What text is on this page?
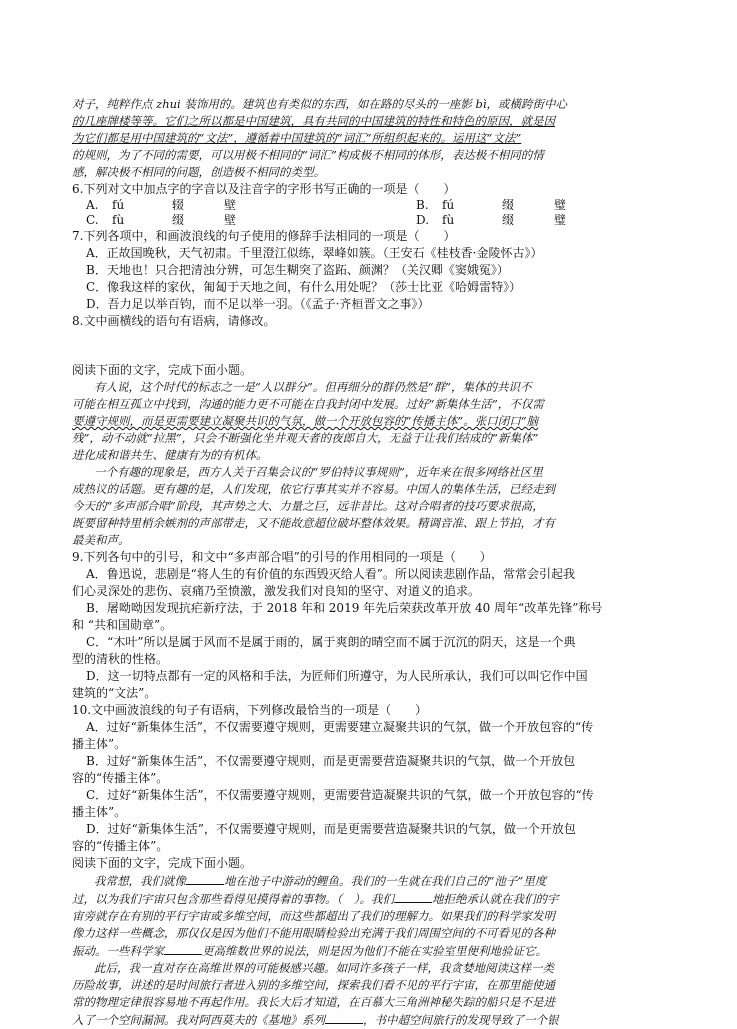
对子，纯粹作点 zhui 装饰用的。建筑也有类似的东西，如在路的尽头的一座影 bì，或横跨街中心

的几座牌楼等等。它们之所以都是中国建筑，具有共同的中国建筑的特性和特色的原因，就是因

为它们都是用中国建筑的“文法”，遵循着中国建筑的“词汇”所组织起来的。运用这“文法”

的规则，为了不同的需要，可以用极不相同的“词汇”构成极不相同的体形，表达极不相同的情

感，解决极不相同的问题，创造极不相同的类型。

6.下列对文中加点字的字音以及注音字的字形书写正确的一项是（　　）

A.	fú	辍	壁
C.	fù	缀	壁
B.	fú	缀	璧
D.	fù	缀	璧

7.下列各项中，和画波浪线的句子使用的修辞手法相同的一项是（　　）

A．正故国晚秋，天气初肃。千里澄江似练，翠峰如簇。（王安石《桂枝香·金陵怀古》）

B．天地也！只合把清浊分辨，可怎生糊突了盗跖、颜渊？（关汉卿《窦娥冤》）

C．像我这样的家伙，匍匐于天地之间，有什么用处呢？（莎士比亚《哈姆雷特》）

D．吾力足以举百钧，而不足以举一羽。（《孟子·齐桓晋文之事》）

8.文中画横线的语句有语病，请修改。

阅读下面的文字，完成下面小题。

有人说，这个时代的标志之一是“人以群分”。但再细分的群仍然是“群”，集体的共识不

可能在相互孤立中找到，沟通的能力更不可能在自我封闭中发展。过好“新集体生活”，不仅需

要遵守规则，而是更需要建立凝聚共识的气氛，做一个开放包容的“传播主体”。张口闭口“脑

残”，动不动就“拉黑”，只会不断强化坐井观天者的夜郎自大，无益于让我们结成的“新集体”

进化成和谐共生、健康有为的有机体。

一个有趣的现象是，西方人关于召集会议的“罗伯特议事规则”，近年来在很多网络社区里

成热议的话题。更有趣的是，人们发现，依它行事其实并不容易。中国人的集体生活，已经走到

今天的“多声部合唱”阶段，其声势之大、力量之巨，远非昔比。这对合唱者的技巧要求很高，

既要留种特里梢余嫉剂的声部带走，又不能故意超位破坏整体效果。精调音准、跟上节拍，才有

最美和声。

9.下列各句中的引号，和文中“多声部合唱”的引号的作用相同的一项是（　　）

A．鲁迅说，悲剧是“将人生的有价值的东西毁灭给人看”。所以阅读悲剧作品，常常会引起我

们心灵深处的悲伤、哀痛乃至愤激，激发我们对良知的坚守、对道义的追求。

B．屠呦呦因发现抗疟新疗法，于 2018 年和 2019 年先后荣获改革开放 40 周年“改革先锋”称号

和 “共和国勋章”。

C．“木叶”所以是属于风而不是属于雨的，属于爽朗的晴空而不属于沉沉的阴天，这是一个典

型的清秋的性格。

D．这一切特点都有一定的风格和手法，为匠师们所遵守，为人民所承认，我们可以叫它作中国

建筑的“文法”。

10.文中画波浪线的句子有语病，下列修改最恰当的一项是（　　）

A．过好“新集体生活”，不仅需要遵守规则，更需要建立凝聚共识的气氛，做一个开放包容的“传

播主体”。

B．过好“新集体生活”，不仅需要遵守规则，而是更需要营造凝聚共识的气氛，做一个开放包

容的“传播主体”。

C．过好“新集体生活”，不仅需要遵守规则，更需要营造凝聚共识的气氛，做一个开放包容的“传

播主体”。

D．过好“新集体生活”，不仅需要遵守规则，而是更需要营造凝聚共识的气氛，做一个开放包

容的“传播主体”。

阅读下面的文字，完成下面小题。

我常想，我们就像	地在池子中游动的鲤鱼。我们的一生就在我们自己的“池子”里度

过，以为我们宇宙只包含那些看得见摸得着的事物。（　）。我们	地拒绝承认就在我们的宇

宙旁就存在有别的平行宇宙或多维空间，而这些都超出了我们的理解力。如果我们的科学家发明

像力这样一些概念，那仅仅是因为他们不能用眼睛检验出充满于我们周围空间的不可看见的各种

振动。一些科学家	更高维数世界的说法，则是因为他们不能在实验室里便利地验证它。

此后，我一直对存在高维世界的可能极感兴趣。如同许多孩子一样，我贪婪地阅读这样一类

历险故事，讲述的是时间旅行者进入别的多维空间，探索我们看不见的平行宇宙，在那里能使通

常的物理定律很容易地不再起作用。我长大后才知道，在百慕大三角洲神秘失踪的船只是不是进

入了一个空间漏洞。我对阿西莫夫的《基地》系列	，书中超空间旅行的发现导致了一个银
